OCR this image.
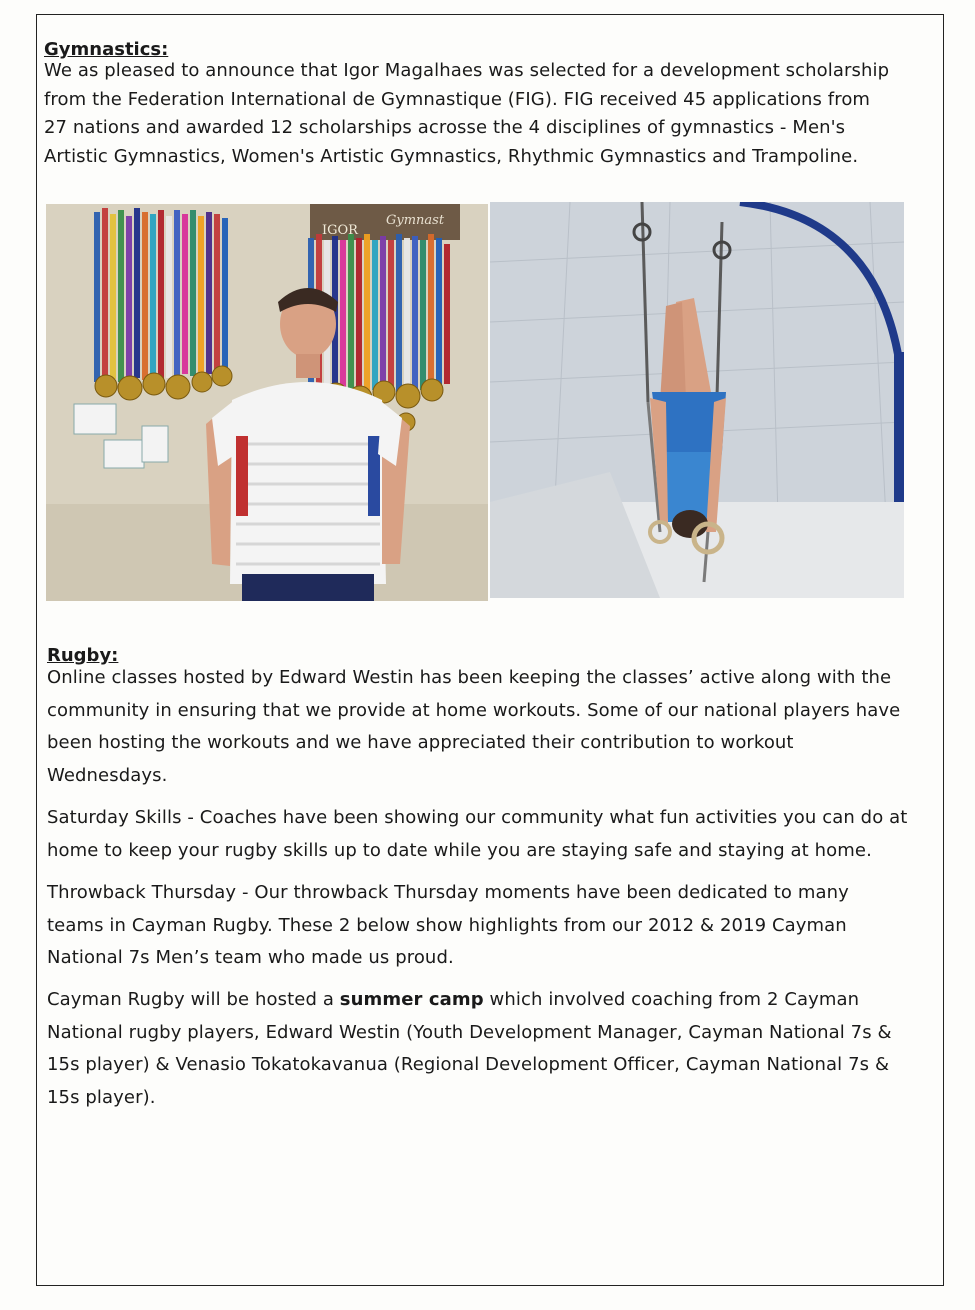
Gymnastics:
We as pleased to announce that Igor Magalhaes was selected for a development scholarship
from the Federation International de Gymnastique (FIG). FIG received 45 applications from
27 nations and awarded 12 scholarships acrosse the 4 disciplines of gymnastics - Men's
Artistic Gymnastics, Women's Artistic Gymnastics, Rhythmic Gymnastics and Trampoline.
Gymnast
IGOR
Rugby:
Online classes hosted by Edward Westin has been keeping the classes’ active along with the
community in ensuring that we provide at home workouts. Some of our national players have
been hosting the workouts and we have appreciated their contribution to workout
Wednesdays.
Saturday Skills - Coaches have been showing our community what fun activities you can do at
home to keep your rugby skills up to date while you are staying safe and staying at home.
Throwback Thursday - Our throwback Thursday moments have been dedicated to many
teams in Cayman Rugby. These 2 below show highlights from our 2012 & 2019 Cayman
National 7s Men’s team who made us proud.
Cayman Rugby will be hosted a summer camp which involved coaching from 2 Cayman
National rugby players, Edward Westin (Youth Development Manager, Cayman National 7s &
15s player) & Venasio Tokatokavanua (Regional Development Officer, Cayman National 7s &
15s player).
